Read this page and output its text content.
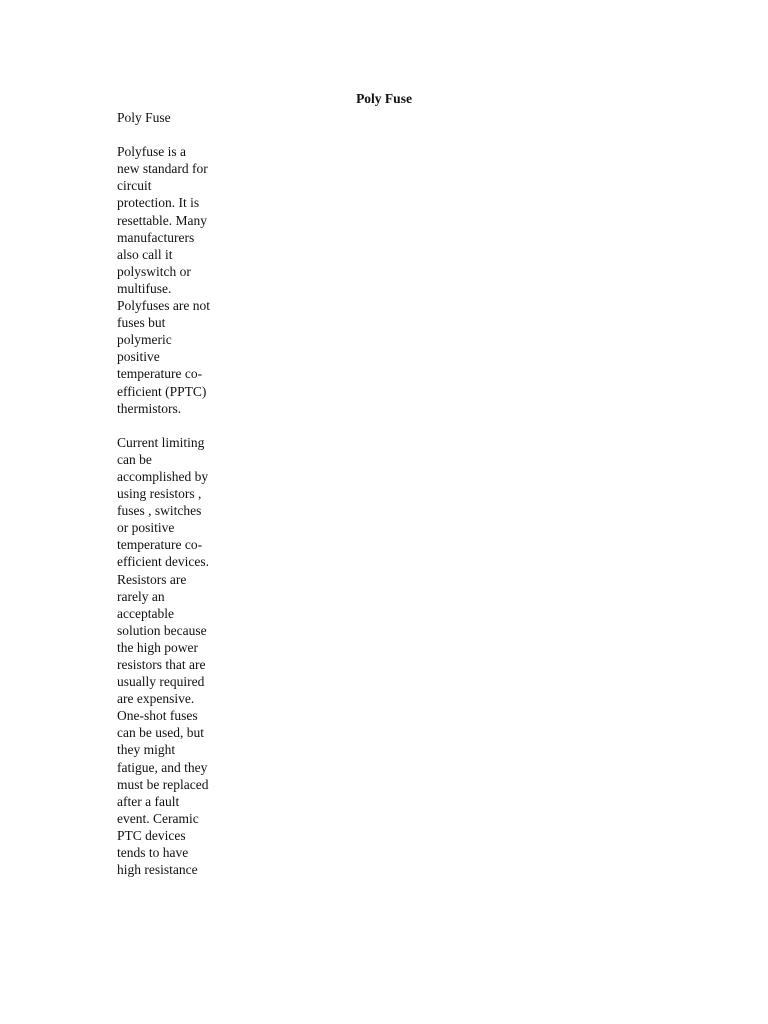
Poly Fuse
Poly Fuse
Polyfuse is a
new standard for
circuit
protection. It is
resettable. Many
manufacturers
also call it
polyswitch or
multifuse.
Polyfuses are not
fuses but
polymeric
positive
temperature co-
efficient (PPTC)
thermistors.
Current limiting
can be
accomplished by
using resistors ,
fuses , switches
or positive
temperature co-
efficient devices.
Resistors are
rarely an
acceptable
solution because
the high power
resistors that are
usually required
are expensive.
One-shot fuses
can be used, but
they might
fatigue, and they
must be replaced
after a fault
event. Ceramic
PTC devices
tends to have
high resistance
